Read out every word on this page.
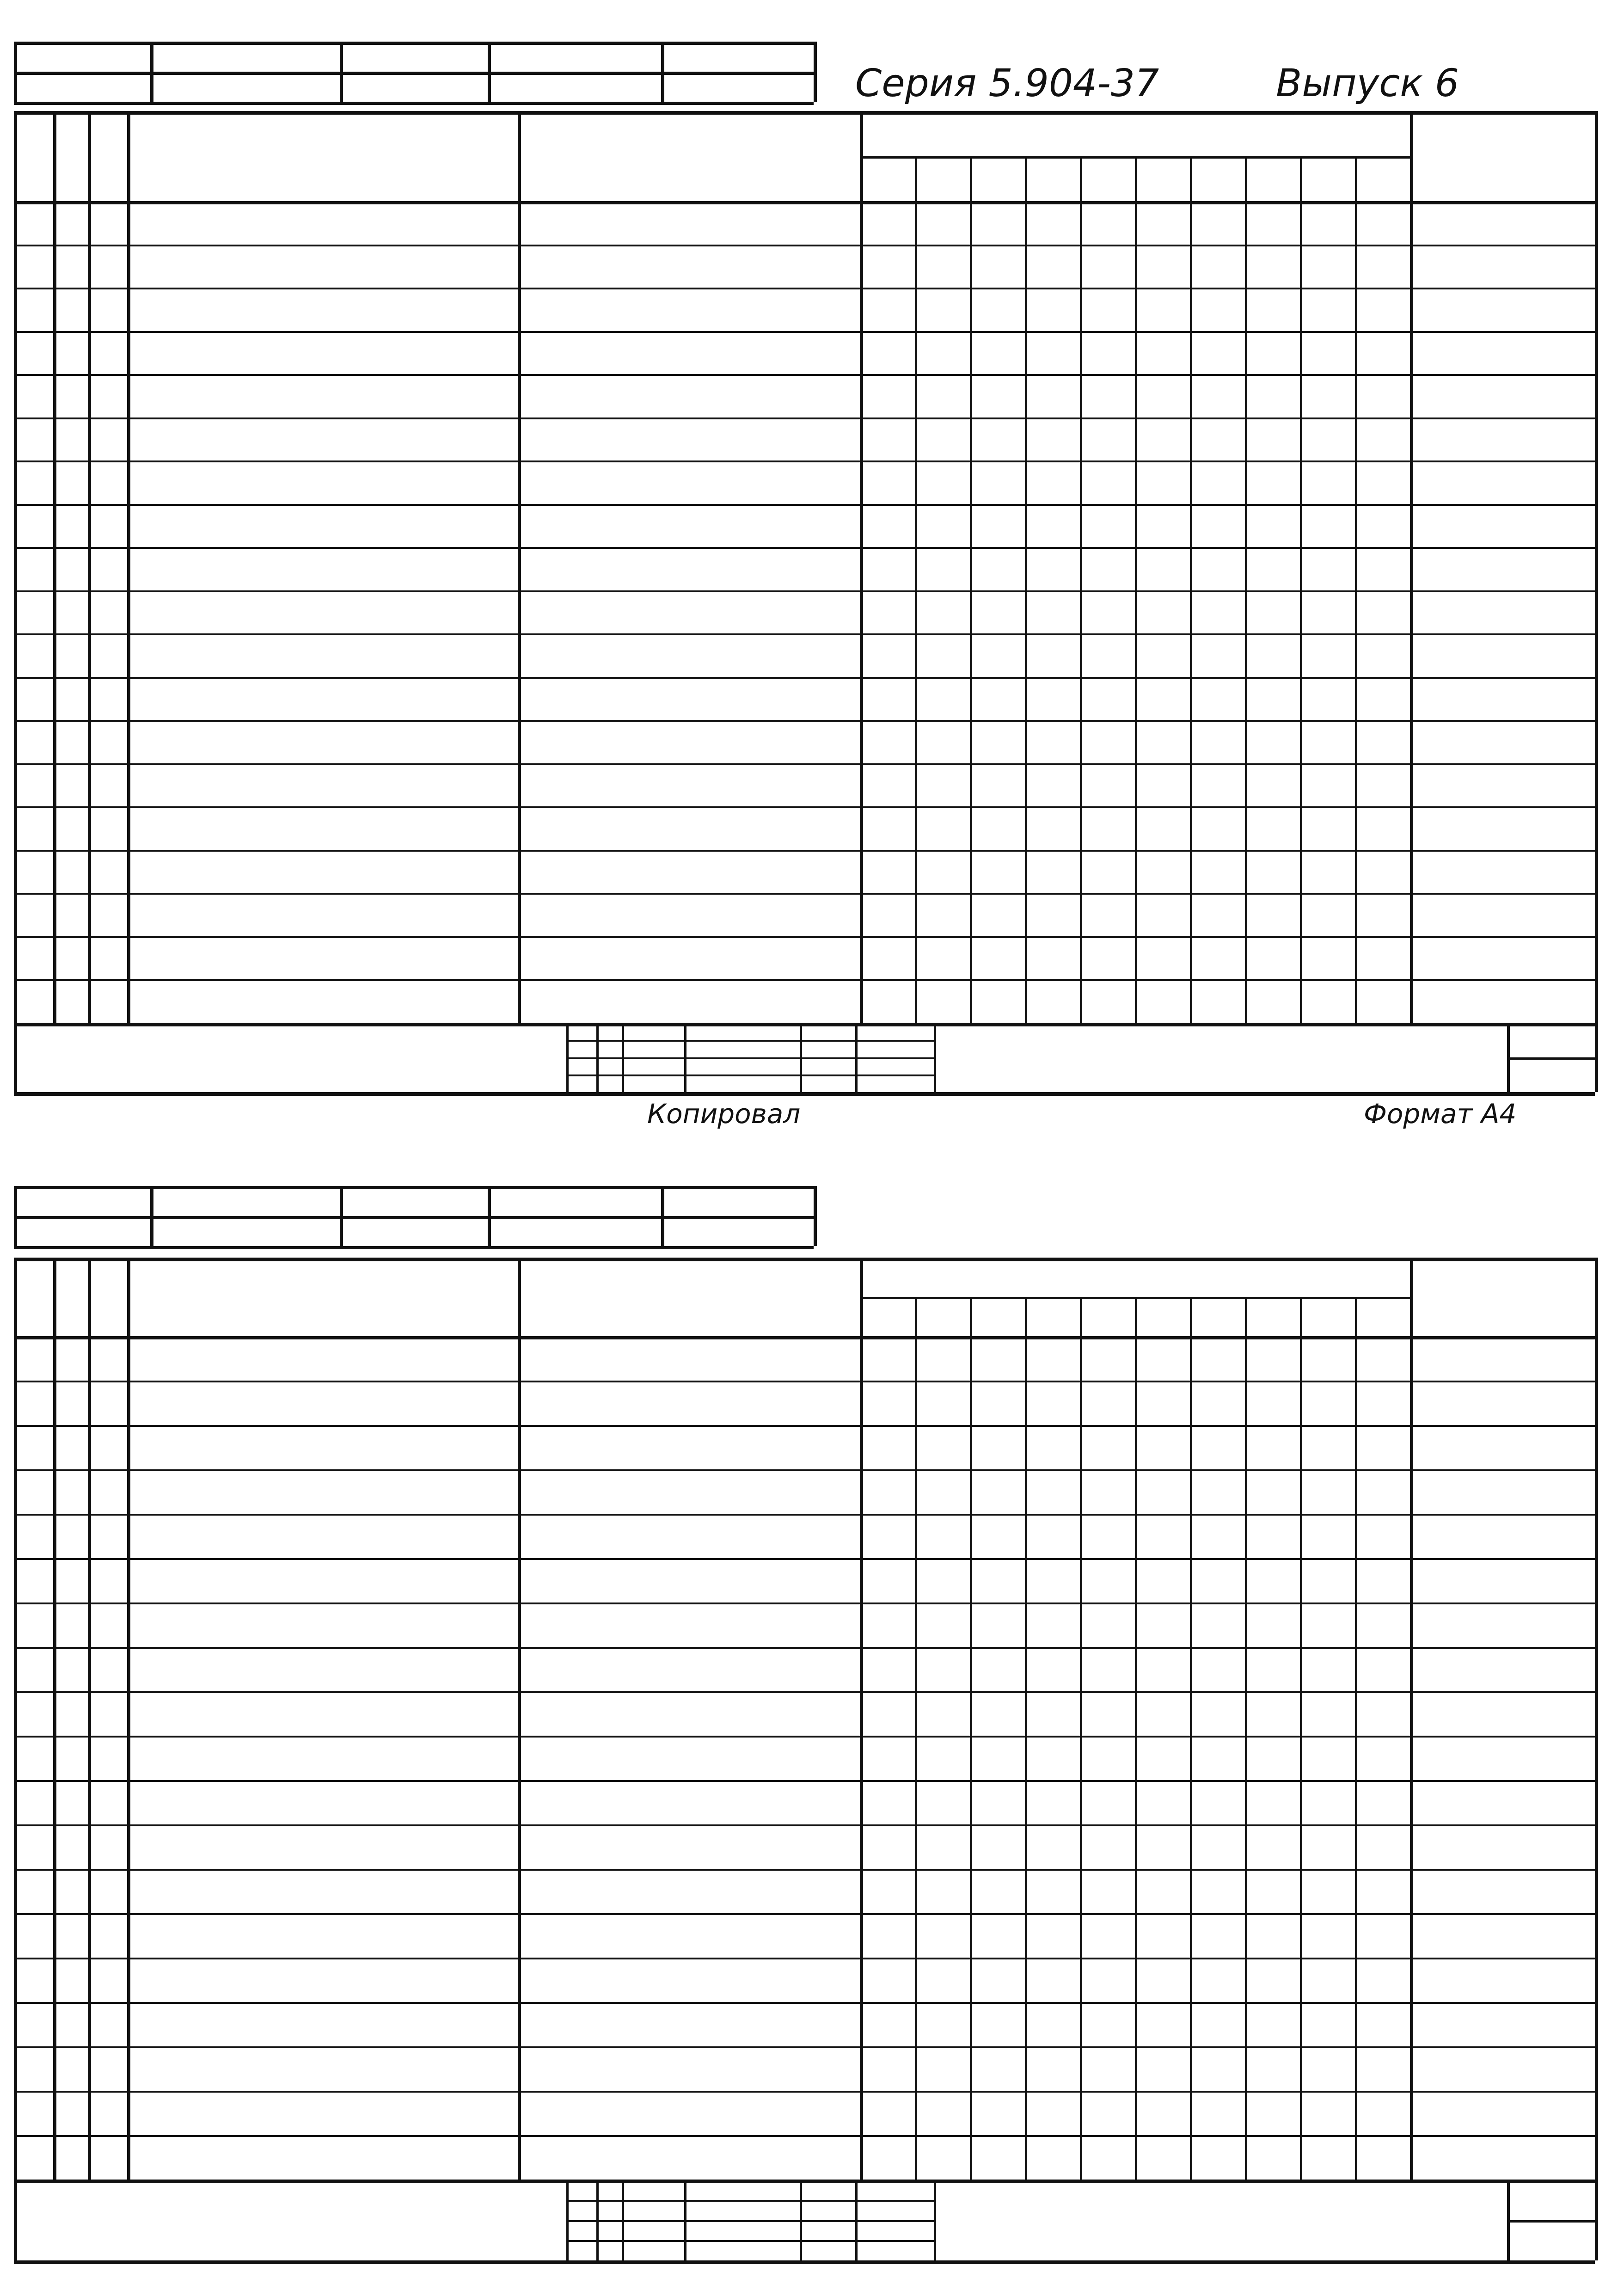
Серия 5.904-37	Выпуск 6
Копировал	Формат А4
